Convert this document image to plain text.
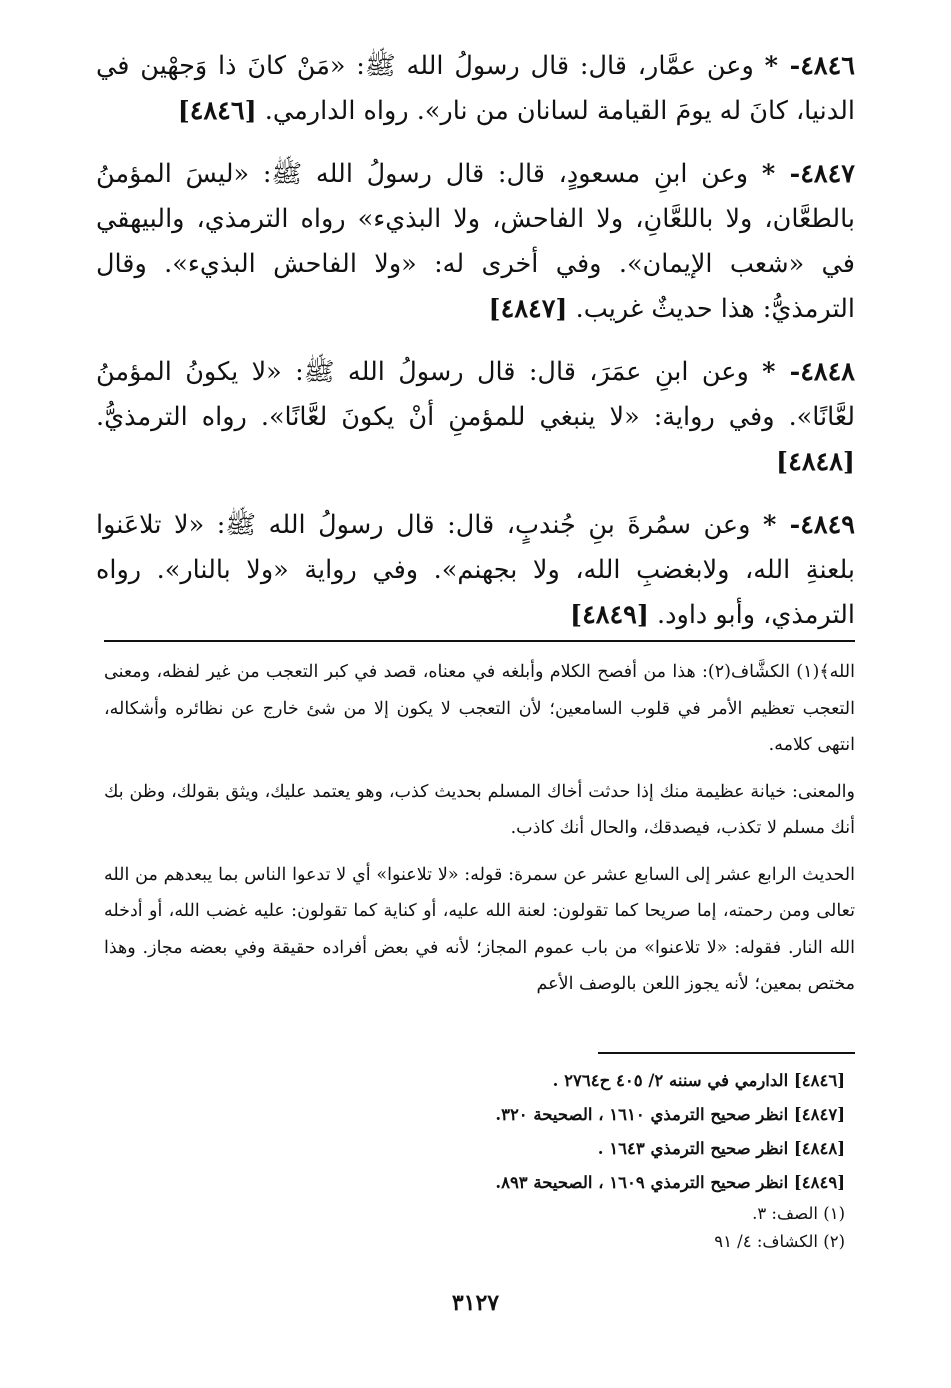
٤٨٤٦- * وعن عمَّار، قال: قال رسولُ الله ﷺ: «مَنْ كانَ ذا وَجهْين في الدنيا، كانَ له يومَ القيامة لسانان من نار». رواه الدارمي. [٤٨٤٦]

٤٨٤٧- * وعن ابنِ مسعودٍ، قال: قال رسولُ الله ﷺ: «ليسَ المؤمنُ بالطعَّان، ولا باللعَّانِ، ولا الفاحش، ولا البذيء» رواه الترمذي، والبيهقي في «شعب الإيمان». وفي أخرى له: «ولا الفاحش البذيء». وقال الترمذيُّ: هذا حديثٌ غريب. [٤٨٤٧]

٤٨٤٨- * وعن ابنِ عمَرَ، قال: قال رسولُ الله ﷺ: «لا يكونُ المؤمنُ لعَّانًا». وفي رواية: «لا ينبغي للمؤمنِ أنْ يكونَ لعَّانًا». رواه الترمذيُّ. [٤٨٤٨]

٤٨٤٩- * وعن سمُرةَ بنِ جُندبٍ، قال: قال رسولُ الله ﷺ: «لا تلاعَنوا بلعنةِ الله، ولابغضبِ الله، ولا بجهنم». وفي رواية «ولا بالنار». رواه الترمذي، وأبو داود. [٤٨٤٩]

الله﴾(١) الكشَّاف(٢): هذا من أفصح الكلام وأبلغه في معناه، قصد في كبر التعجب من غير لفظه، ومعنى التعجب تعظيم الأمر في قلوب السامعين؛ لأن التعجب لا يكون إلا من شئ خارج عن نظائره وأشكاله، انتهى كلامه.

والمعنى: خيانة عظيمة منك إذا حدثت أخاك المسلم بحديث كذب، وهو يعتمد عليك، ويثق بقولك، وظن بك أنك مسلم لا تكذب، فيصدقك، والحال أنك كاذب.

الحديث الرابع عشر إلى السابع عشر عن سمرة: قوله: «لا تلاعنوا» أي لا تدعوا الناس بما يبعدهم من الله تعالى ومن رحمته، إما صريحا كما تقولون: لعنة الله عليه، أو كناية كما تقولون: عليه غضب الله، أو أدخله الله النار. فقوله: «لا تلاعنوا» من باب عموم المجاز؛ لأنه في بعض أفراده حقيقة وفي بعضه مجاز. وهذا مختص بمعين؛ لأنه يجوز اللعن بالوصف الأعم

[٤٨٤٦] الدارمي في سننه ٢/ ٤٠٥ ح٢٧٦٤ .

[٤٨٤٧] انظر صحيح الترمذي ١٦١٠ ، الصحيحة ٣٢٠.

[٤٨٤٨] انظر صحيح الترمذي ١٦٤٣ .

[٤٨٤٩] انظر صحيح الترمذي ١٦٠٩ ، الصحيحة ٨٩٣.

(١) الصف: ٣.

(٢) الكشاف: ٤/ ٩١

٣١٢٧
